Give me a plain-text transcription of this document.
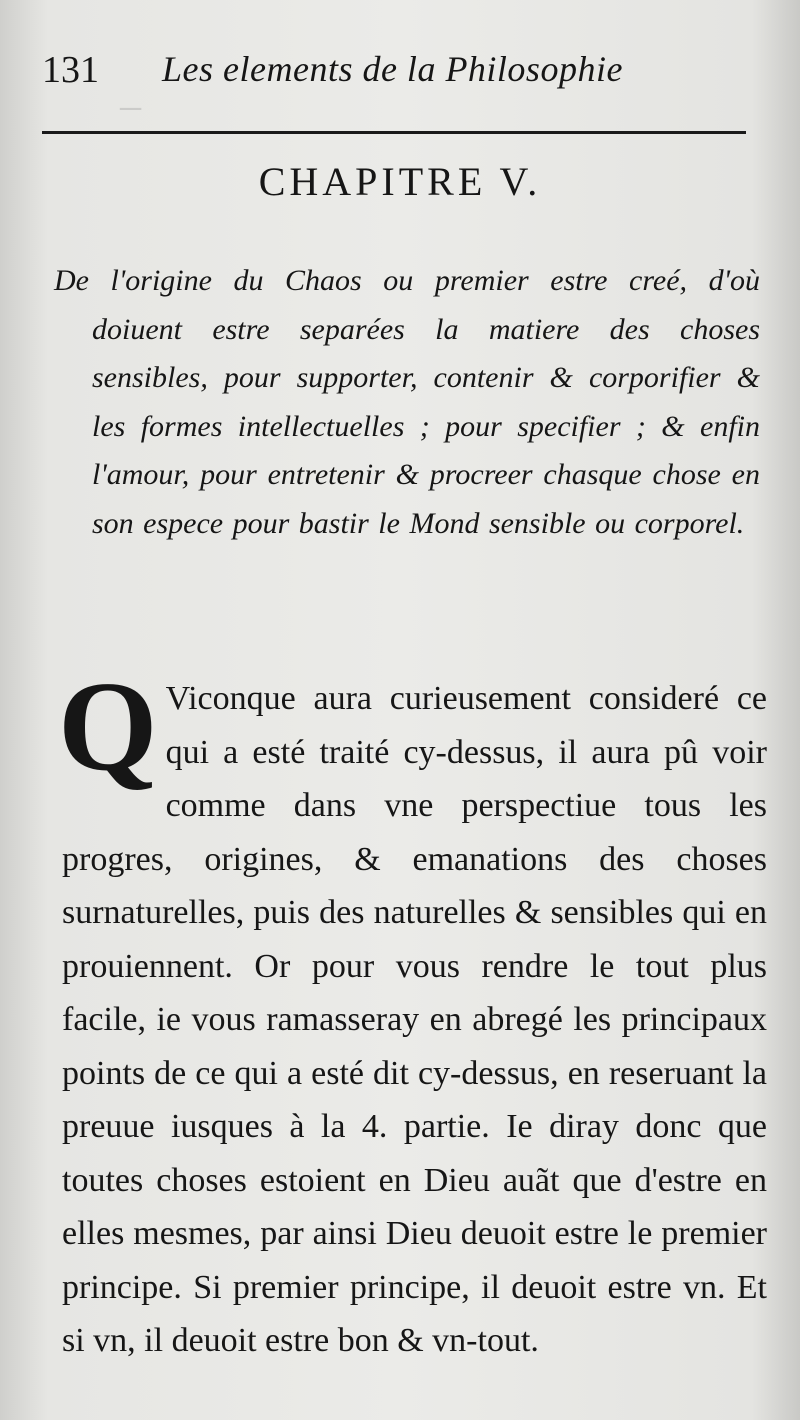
─
131 Les elements de la Philosophie
CHAPITRE V.
De l'origine du Chaos ou premier estre creé, d'où doiuent estre separées la matiere des choses sensibles, pour supporter, contenir & corporifier & les formes intellectuelles ; pour specifier ; & enfin l'amour, pour entretenir & procreer chasque chose en son espece pour bastir le Mond sensible ou corporel.
Q Viconque aura curieusement consideré ce qui a esté traité cy-dessus, il aura pû voir comme dans vne perspectiue tous les progres, origines, & emanations des choses surnaturelles, puis des naturelles & sensibles qui en prouiennent. Or pour vous rendre le tout plus facile, ie vous ramasseray en abregé les principaux points de ce qui a esté dit cy-dessus, en reseruant la preuue iusques à la 4. partie. Ie diray donc que toutes choses estoient en Dieu auãt que d'estre en elles mesmes, par ainsi Dieu deuoit estre le premier principe. Si premier principe, il deuoit estre vn. Et si vn, il deuoit estre bon & vn-tout.
